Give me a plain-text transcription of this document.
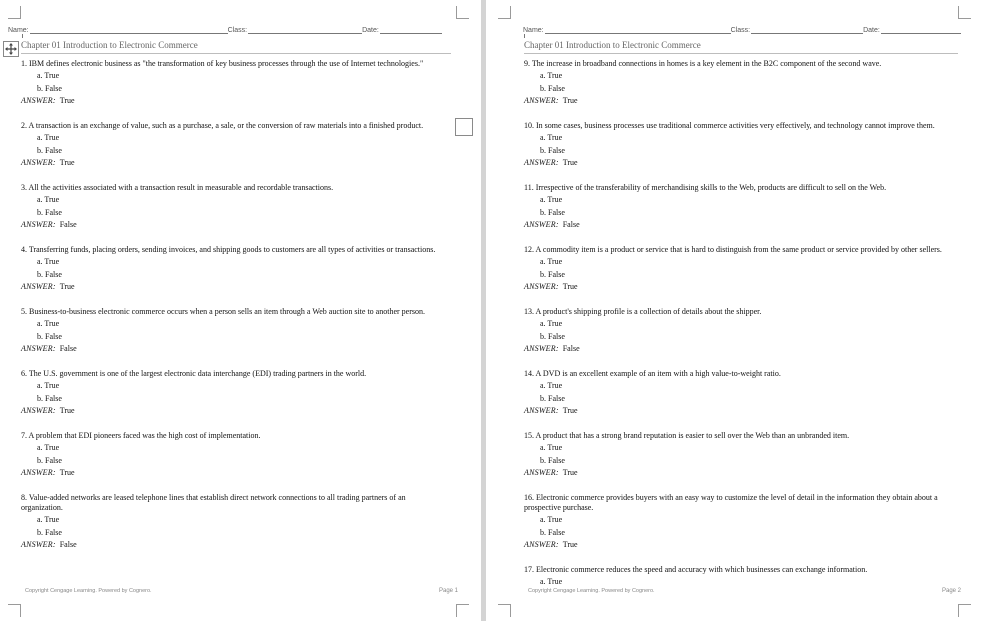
Name:	Class:	Date:
Chapter 01 Introduction to Electronic Commerce
1. IBM defines electronic business as "the transformation of key business processes through the use of Internet technologies."
a. True
b. False
ANSWER: True
2. A transaction is an exchange of value, such as a purchase, a sale, or the conversion of raw materials into a finished product.
a. True
b. False
ANSWER: True
3. All the activities associated with a transaction result in measurable and recordable transactions.
a. True
b. False
ANSWER: False
4. Transferring funds, placing orders, sending invoices, and shipping goods to customers are all types of activities or transactions.
a. True
b. False
ANSWER: True
5. Business-to-business electronic commerce occurs when a person sells an item through a Web auction site to another person.
a. True
b. False
ANSWER: False
6. The U.S. government is one of the largest electronic data interchange (EDI) trading partners in the world.
a. True
b. False
ANSWER: True
7. A problem that EDI pioneers faced was the high cost of implementation.
a. True
b. False
ANSWER: True
8. Value-added networks are leased telephone lines that establish direct network connections to all trading partners of an organization.
a. True
b. False
ANSWER: False
Copyright Cengage Learning. Powered by Cognero.	Page 1
Name:	Class:	Date:
Chapter 01 Introduction to Electronic Commerce
9. The increase in broadband connections in homes is a key element in the B2C component of the second wave.
a. True
b. False
ANSWER: True
10. In some cases, business processes use traditional commerce activities very effectively, and technology cannot improve them.
a. True
b. False
ANSWER: True
11. Irrespective of the transferability of merchandising skills to the Web, products are difficult to sell on the Web.
a. True
b. False
ANSWER: False
12. A commodity item is a product or service that is hard to distinguish from the same product or service provided by other sellers.
a. True
b. False
ANSWER: True
13. A product's shipping profile is a collection of details about the shipper.
a. True
b. False
ANSWER: False
14. A DVD is an excellent example of an item with a high value-to-weight ratio.
a. True
b. False
ANSWER: True
15. A product that has a strong brand reputation is easier to sell over the Web than an unbranded item.
a. True
b. False
ANSWER: True
16. Electronic commerce provides buyers with an easy way to customize the level of detail in the information they obtain about a prospective purchase.
a. True
b. False
ANSWER: True
17. Electronic commerce reduces the speed and accuracy with which businesses can exchange information.
a. True
Copyright Cengage Learning. Powered by Cognero.	Page 2
